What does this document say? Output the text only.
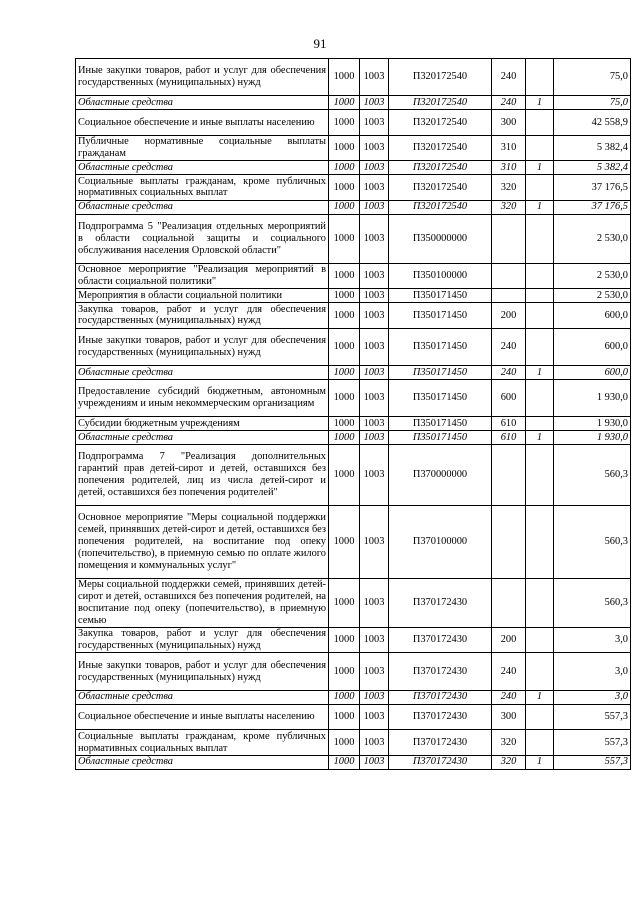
91
Иные закупки товаров, работ и услуг для обеспечения государственных (муниципальных) нужд	1000	1003	П320172540	240		75,0
Областные средства	1000	1003	П320172540	240	1	75,0
Социальное обеспечение и иные выплаты населению	1000	1003	П320172540	300		42 558,9
Публичные нормативные социальные выплаты гражданам	1000	1003	П320172540	310		5 382,4
Областные средства	1000	1003	П320172540	310	1	5 382,4
Социальные выплаты гражданам, кроме публичных нормативных социальных выплат	1000	1003	П320172540	320		37 176,5
Областные средства	1000	1003	П320172540	320	1	37 176,5
Подпрограмма 5 "Реализация отдельных мероприятий в области социальной защиты и социального обслуживания населения Орловской области"	1000	1003	П350000000			2 530,0
Основное мероприятие "Реализация мероприятий в области социальной политики"	1000	1003	П350100000			2 530,0
Мероприятия в области социальной политики	1000	1003	П350171450			2 530,0
Закупка товаров, работ и услуг для обеспечения государственных (муниципальных) нужд	1000	1003	П350171450	200		600,0
Иные закупки товаров, работ и услуг для обеспечения государственных (муниципальных) нужд	1000	1003	П350171450	240		600,0
Областные средства	1000	1003	П350171450	240	1	600,0
Предоставление субсидий бюджетным, автономным учреждениям и иным некоммерческим организациям	1000	1003	П350171450	600		1 930,0
Субсидии бюджетным учреждениям	1000	1003	П350171450	610		1 930,0
Областные средства	1000	1003	П350171450	610	1	1 930,0
Подпрограмма 7 "Реализация дополнительных гарантий прав детей-сирот и детей, оставшихся без попечения родителей, лиц из числа детей-сирот и детей, оставшихся без попечения родителей"	1000	1003	П370000000			560,3
Основное мероприятие "Меры социальной поддержки семей, принявших детей-сирот и детей, оставшихся без попечения родителей, на воспитание под опеку (попечительство), в приемную семью по оплате жилого помещения и коммунальных услуг"	1000	1003	П370100000			560,3
Меры социальной поддержки семей, принявших детей-сирот и детей, оставшихся без попечения родителей, на воспитание под опеку (попечительство), в приемную семью	1000	1003	П370172430			560,3
Закупка товаров, работ и услуг для обеспечения государственных (муниципальных) нужд	1000	1003	П370172430	200		3,0
Иные закупки товаров, работ и услуг для обеспечения государственных (муниципальных) нужд	1000	1003	П370172430	240		3,0
Областные средства	1000	1003	П370172430	240	1	3,0
Социальное обеспечение и иные выплаты населению	1000	1003	П370172430	300		557,3
Социальные выплаты гражданам, кроме публичных нормативных социальных выплат	1000	1003	П370172430	320		557,3
Областные средства	1000	1003	П370172430	320	1	557,3
